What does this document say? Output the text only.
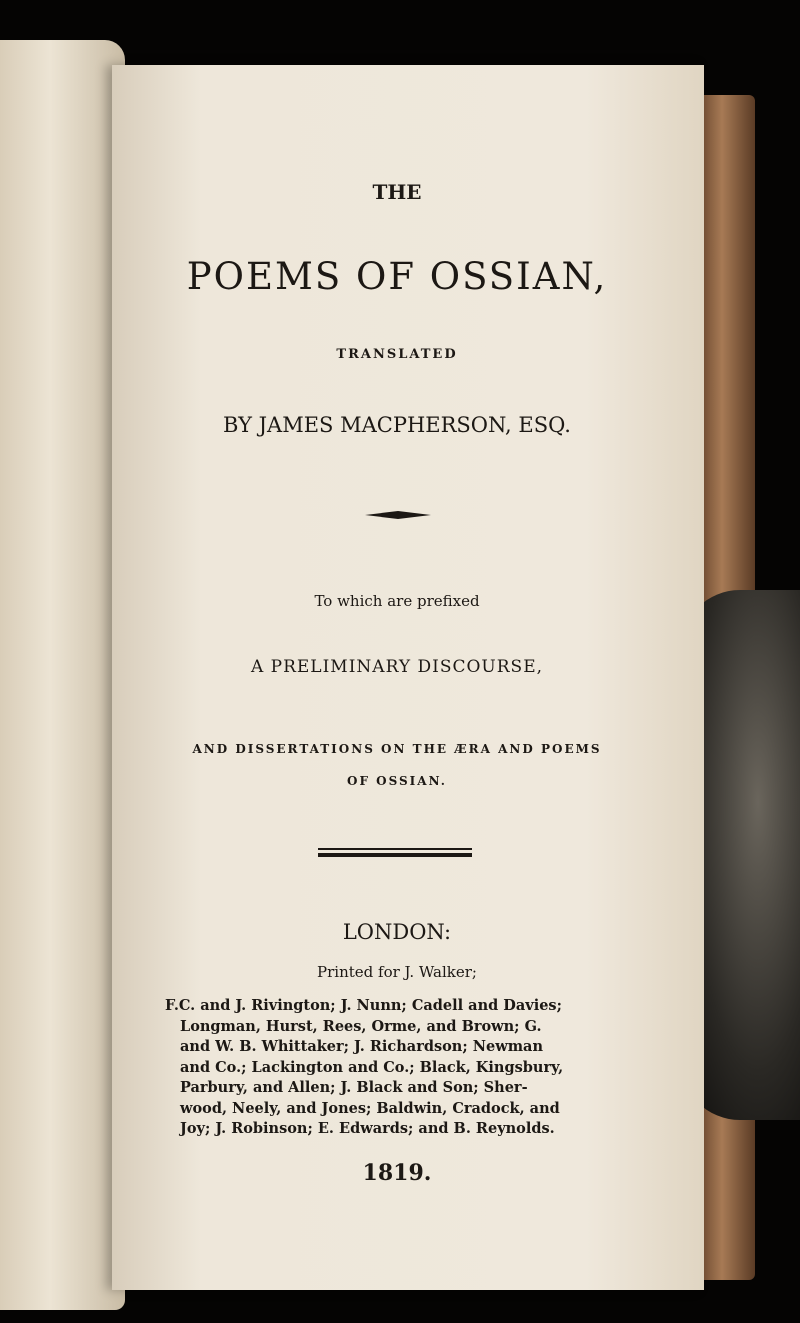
THE
POEMS OF OSSIAN,
TRANSLATED
BY JAMES MACPHERSON, ESQ.
To which are prefixed
A PRELIMINARY DISCOURSE,
AND DISSERTATIONS ON THE ÆRA AND POEMS
OF OSSIAN.
LONDON:
Printed for J. Walker;
F.C. and J. Rivington; J. Nunn; Cadell and Davies;
Longman, Hurst, Rees, Orme, and Brown; G.
and W. B. Whittaker; J. Richardson; Newman
and Co.; Lackington and Co.; Black, Kingsbury,
Parbury, and Allen; J. Black and Son; Sher-
wood, Neely, and Jones; Baldwin, Cradock, and
Joy; J. Robinson; E. Edwards; and B. Reynolds.
1819.
